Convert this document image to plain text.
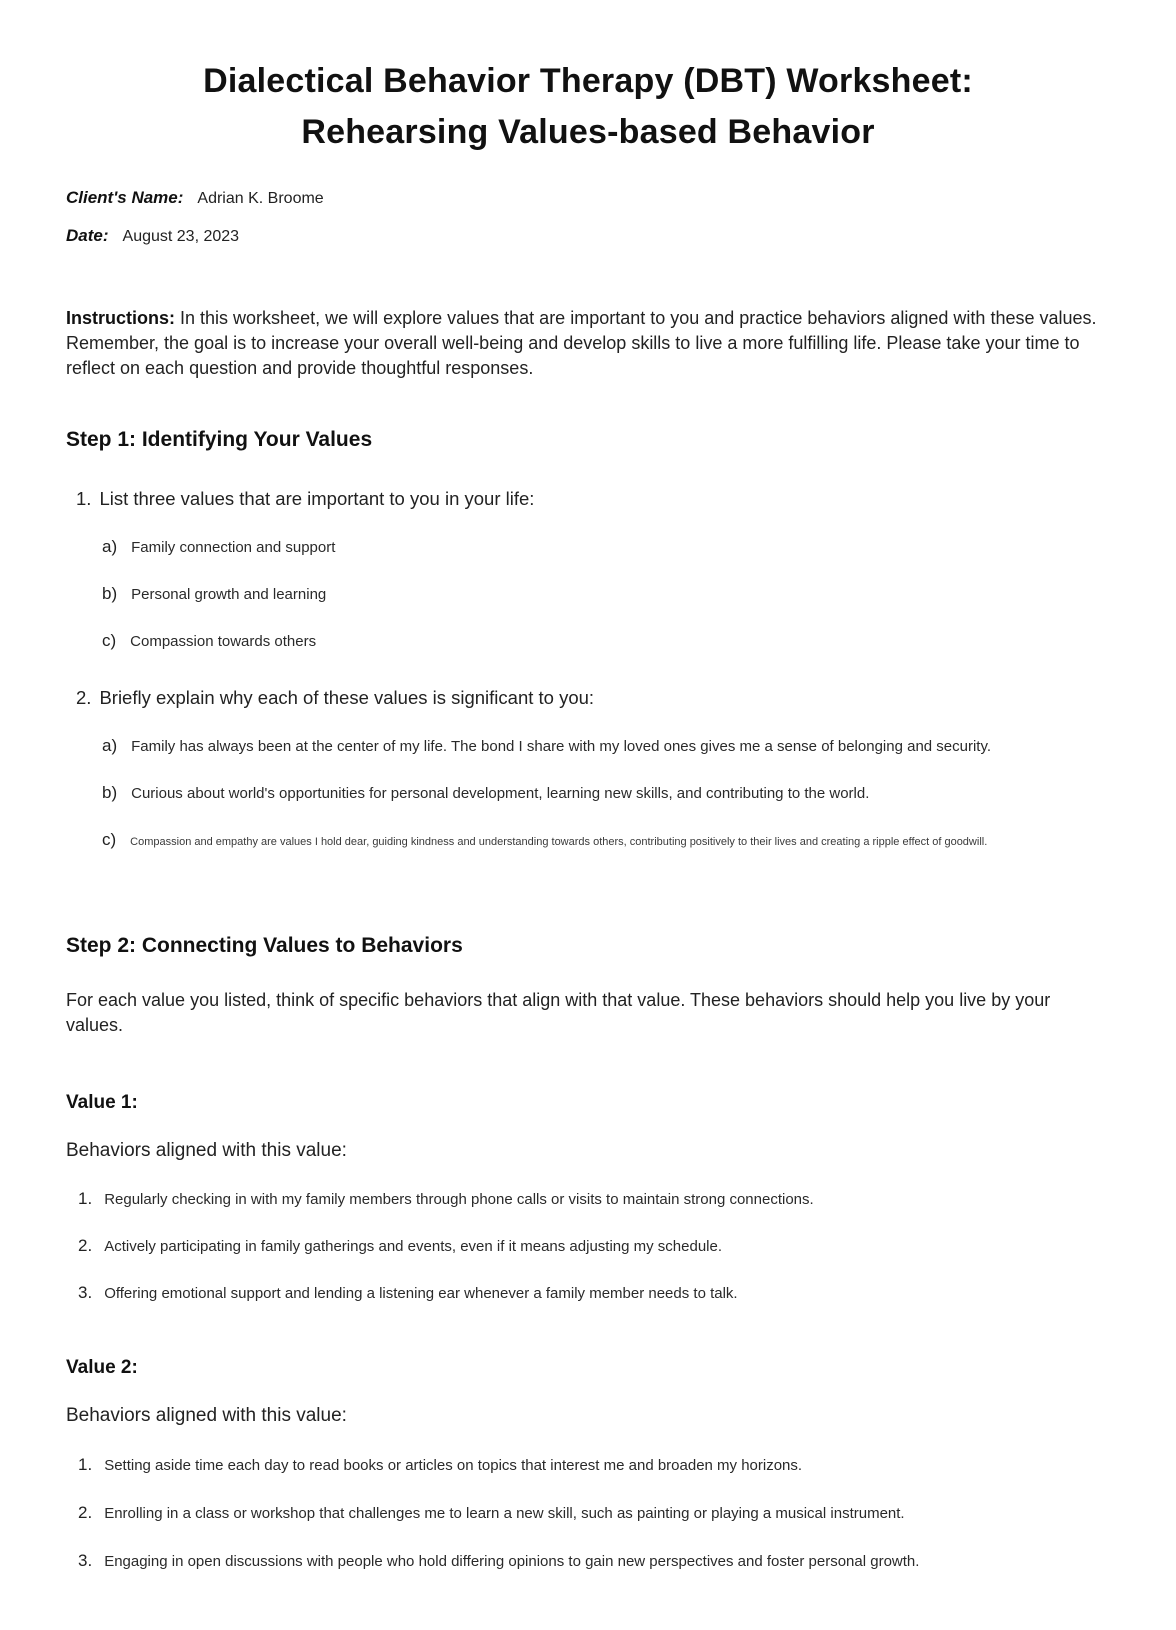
Dialectical Behavior Therapy (DBT) Worksheet:
Rehearsing Values-based Behavior
Client's Name: Adrian K. Broome
Date: August 23, 2023

Instructions: In this worksheet, we will explore values that are important to you and practice behaviors aligned with these values. Remember, the goal is to increase your overall well-being and develop skills to live a more fulfilling life. Please take your time to reflect on each question and provide thoughtful responses.

Step 1: Identifying Your Values
1. List three values that are important to you in your life:
a) Family connection and support
b) Personal growth and learning
c) Compassion towards others
2. Briefly explain why each of these values is significant to you:
a) Family has always been at the center of my life. The bond I share with my loved ones gives me a sense of belonging and security.
b) Curious about world's opportunities for personal development, learning new skills, and contributing to the world.
c) Compassion and empathy are values I hold dear, guiding kindness and understanding towards others, contributing positively to their lives and creating a ripple effect of goodwill.
Step 2: Connecting Values to Behaviors

For each value you listed, think of specific behaviors that align with that value. These behaviors should help you live by your values.

Value 1:

Behaviors aligned with this value:

1. Regularly checking in with my family members through phone calls or visits to maintain strong connections.
2. Actively participating in family gatherings and events, even if it means adjusting my schedule.
3. Offering emotional support and lending a listening ear whenever a family member needs to talk.
Value 2:

Behaviors aligned with this value:

1. Setting aside time each day to read books or articles on topics that interest me and broaden my horizons.
2. Enrolling in a class or workshop that challenges me to learn a new skill, such as painting or playing a musical instrument.
3. Engaging in open discussions with people who hold differing opinions to gain new perspectives and foster personal growth.
